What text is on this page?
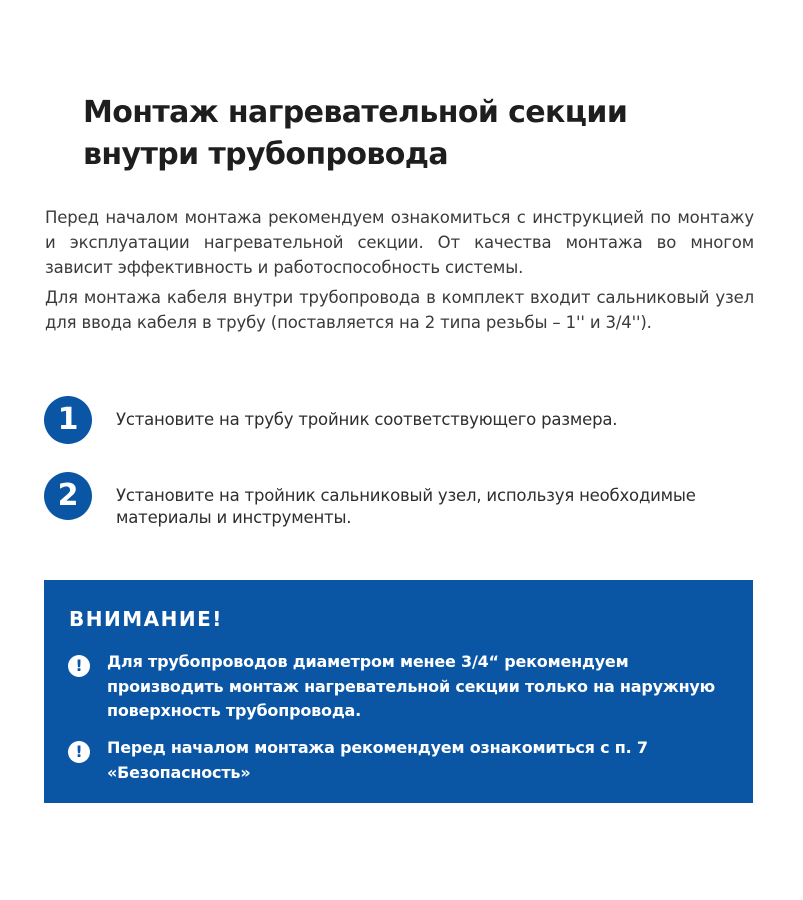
Монтаж нагревательной секции
внутри трубопровода

Перед началом монтажа рекомендуем ознакомиться с инструкцией по монтажу и эксплуатации нагревательной секции. От качества монтажа во многом зависит эффективность и работоспособность системы.

Для монтажа кабеля внутри трубопровода в комплект входит сальниковый узел для ввода кабеля в трубу (поставляется на 2 типа резьбы – 1'' и 3/4'').

1	Установите на трубу тройник соответствующего размера.
2	Установите на тройник сальниковый узел, используя необходимые материалы и инструменты.
ВНИМАНИЕ!
!	Для трубопроводов диаметром менее 3/4“ рекомендуем производить монтаж нагревательной секции только на наружную поверхность трубопровода.
!	Перед началом монтажа рекомендуем ознакомиться с п. 7 «Безопасность»
